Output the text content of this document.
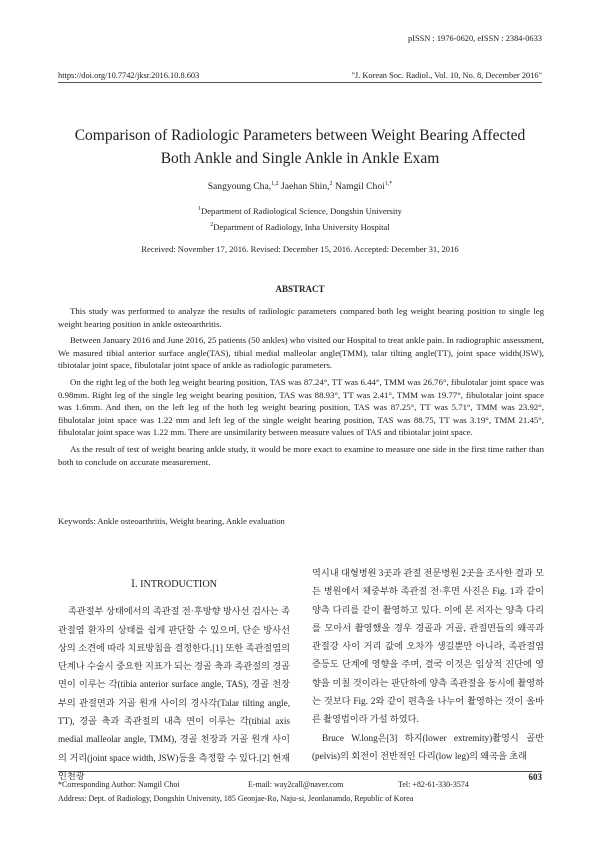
pISSN : 1976-0620, eISSN : 2384-0633
https://doi.org/10.7742/jksr.2016.10.8.603	"J. Korean Soc. Radiol., Vol. 10, No. 8, December 2016"
Comparison of Radiologic Parameters between Weight Bearing Affected
Both Ankle and Single Ankle in Ankle Exam
Sangyoung Cha,$^{1,2}$ Jaehan Shin,$^2$ Namgil Choi$^{1,*}$
$^1$Department of Radiological Science, Dongshin University
$^2$Department of Radiology, Inha University Hospital
Received: November 17, 2016. Revised: December 15, 2016. Accepted: December 31, 2016
ABSTRACT

This study was performed to analyze the results of radiologic parameters compared both leg weight bearing position to single leg weight bearing position in ankle osteoarthritis.

Between January 2016 and June 2016, 25 patients (50 ankles) who visited our Hospital to treat ankle pain. In radiographic assessment, We masured tibial anterior surface angle(TAS), tibial medial malleolar angle(TMM), talar tilting angle(TT), joint space width(JSW), tibiotalar joint space, fibulotalar joint space of ankle as radiologic parameters.

On the right leg of the both leg weight bearing position, TAS was 87.24°, TT was 6.44°, TMM was 26.76°, fibulotalar joint space was 0.98mm. Right leg of the single leg weight bearing position, TAS was 88.93°, TT was 2.41°, TMM was 19.77°, fibulotalar joint space was 1.6mm. And then, on the left leg of the both leg weight bearing position, TAS was 87.25°, TT was 5.71°, TMM was 23.92°, fibulotalar joint space was 1.22 mm and left leg of the single weight bearing position, TAS was 88.75, TT was 3.19°, TMM 21.45°, fibulotalar joint space was 1.22 mm. There are unsimilarity between measure values of TAS and tibiotalar joint space.

As the result of test of weight bearing ankle study, it would be more exact to examine to measure one side in the first time rather than both to conclude on accurate measurement.

Keywords: Ankle osteoarthritis, Weight bearing, Ankle evaluation
Ⅰ. INTRODUCTION

족관절부 상태에서의 족관절 전·후방향 방사선 검사는 족관절염 환자의 상태를 쉽게 판단할 수 있으며, 단순 방사선 상의 소견에 따라 치료방침을 결정한다.[1] 또한 족관절염의 단계나 수술시 중요한 지표가 되는 경골 축과 족관절의 경골면이 이루는 각(tibia anterior surface angle, TAS), 경골 천장부의 관절면과 거골 원개 사이의 경사각(Talar tilting angle, TT), 경골 축과 족관절의 내측 면이 이루는 각(tibial axis medial malleolar angle, TMM), 경골 천장과 거골 원개 사이의 거리(joint space width, JSW)등을 측정할 수 있다.[2] 현재 인천광

역시내 대형병원 3곳과 관절 전문병원 2곳을 조사한 결과 모든 병원에서 체중부하 족관절 전·후면 사진은 Fig. 1과 같이 양측 다리를 같이 촬영하고 있다. 이에 본 저자는 양측 다리를 모아서 촬영했을 경우 경골과 거골, 관절면들의 왜곡과 관절강 사이 거리 값에 오차가 생길뿐만 아니라, 족관절염 증등도 단계에 영향을 주며, 결국 이것은 임상적 진단에 영향을 미칠 것이라는 판단하에 양측 족관절을 동시에 촬영하는 것보다 Fig. 2와 같이 편측을 나누어 촬영하는 것이 올바른 촬영법이라 가설 하였다.

Bruce W.long은[3] 하지(lower extremity)촬영시 골반(pelvis)의 회전이 전반적인 다리(low leg)의 왜곡을 초래

603
*Corresponding Author: Namgil Choi	E-mail: way2call@naver.com	Tel: +82-61-330-3574
Address: Dept. of Radiology, Dongshin University, 185 Geonjae-Ro, Naju-si, Jeonlanamdo, Republic of Korea
